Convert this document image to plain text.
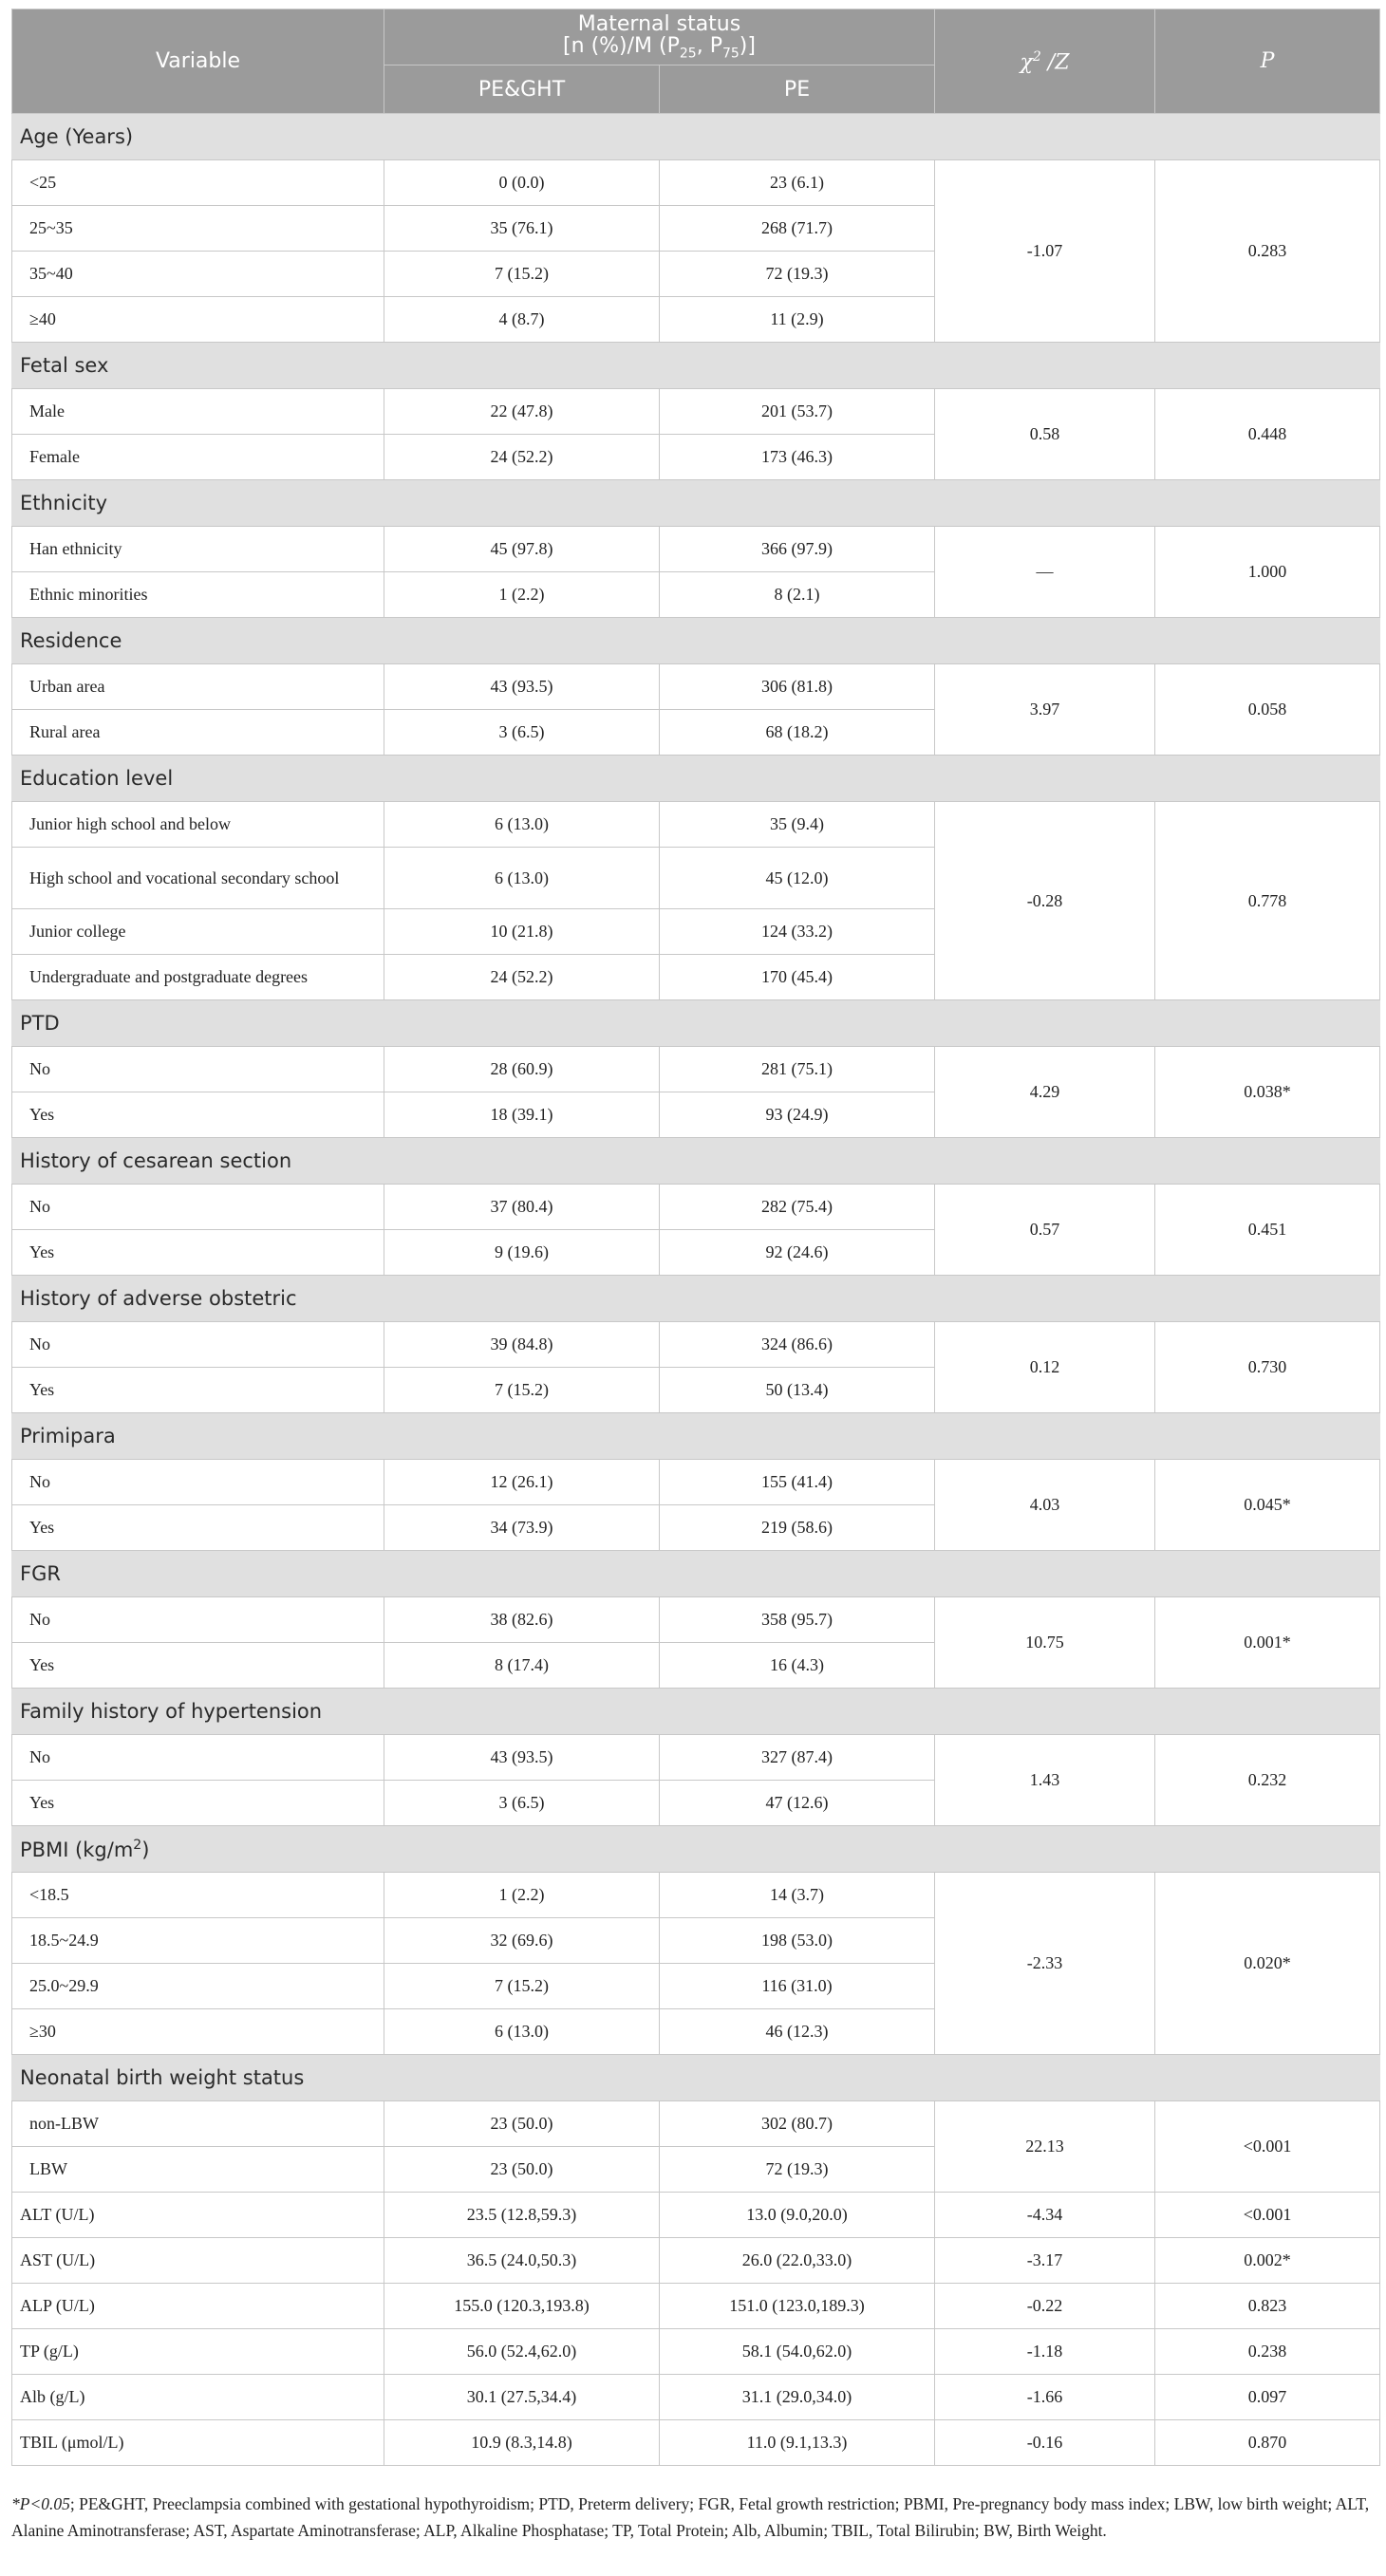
Variable	Maternal status
[n (%)/M ($P_{25}$, $P_{75}$)]		$\chi^2$ /Z	P
	PE&GHT	PE		
Age (Years)				
<25	0 (0.0)	23 (6.1)	-1.07	0.283
25~35	35 (76.1)	268 (71.7)		
35~40	7 (15.2)	72 (19.3)		
≥40	4 (8.7)	11 (2.9)		
Fetal sex				
Male	22 (47.8)	201 (53.7)	0.58	0.448
Female	24 (52.2)	173 (46.3)		
Ethnicity				
Han ethnicity	45 (97.8)	366 (97.9)	—	1.000
Ethnic minorities	1 (2.2)	8 (2.1)		
Residence				
Urban area	43 (93.5)	306 (81.8)	3.97	0.058
Rural area	3 (6.5)	68 (18.2)		
Education level				
Junior high school and below	6 (13.0)	35 (9.4)	-0.28	0.778
High school and vocational secondary school	6 (13.0)	45 (12.0)		
Junior college	10 (21.8)	124 (33.2)		
Undergraduate and postgraduate degrees	24 (52.2)	170 (45.4)		
PTD				
No	28 (60.9)	281 (75.1)	4.29	0.038*
Yes	18 (39.1)	93 (24.9)		
History of cesarean section				
No	37 (80.4)	282 (75.4)	0.57	0.451
Yes	9 (19.6)	92 (24.6)		
History of adverse obstetric				
No	39 (84.8)	324 (86.6)	0.12	0.730
Yes	7 (15.2)	50 (13.4)		
Primipara				
No	12 (26.1)	155 (41.4)	4.03	0.045*
Yes	34 (73.9)	219 (58.6)		
FGR				
No	38 (82.6)	358 (95.7)	10.75	0.001*
Yes	8 (17.4)	16 (4.3)		
Family history of hypertension				
No	43 (93.5)	327 (87.4)	1.43	0.232
Yes	3 (6.5)	47 (12.6)		
PBMI $(kg/m^2)$				
<18.5	1 (2.2)	14 (3.7)	-2.33	0.020*
18.5~24.9	32 (69.6)	198 (53.0)		
25.0~29.9	7 (15.2)	116 (31.0)		
≥30	6 (13.0)	46 (12.3)		
Neonatal birth weight status				
non-LBW	23 (50.0)	302 (80.7)	22.13	<0.001
LBW	23 (50.0)	72 (19.3)		
ALT (U/L)	23.5 (12.8,59.3)	13.0 (9.0,20.0)	-4.34	<0.001
AST (U/L)	36.5 (24.0,50.3)	26.0 (22.0,33.0)	-3.17	0.002*
ALP (U/L)	155.0 (120.3,193.8)	151.0 (123.0,189.3)	-0.22	0.823
TP (g/L)	56.0 (52.4,62.0)	58.1 (54.0,62.0)	-1.18	0.238
Alb (g/L)	30.1 (27.5,34.4)	31.1 (29.0,34.0)	-1.66	0.097
TBIL (μmol/L)	10.9 (8.3,14.8)	11.0 (9.1,13.3)	-0.16	0.870
*P<0.05; PE&GHT, Preeclampsia combined with gestational hypothyroidism; PTD, Preterm delivery; FGR, Fetal growth restriction; PBMI, Pre-pregnancy body mass index; LBW, low birth weight; ALT, Alanine Aminotransferase; AST, Aspartate Aminotransferase; ALP, Alkaline Phosphatase; TP, Total Protein; Alb, Albumin; TBIL, Total Bilirubin; BW, Birth Weight.
